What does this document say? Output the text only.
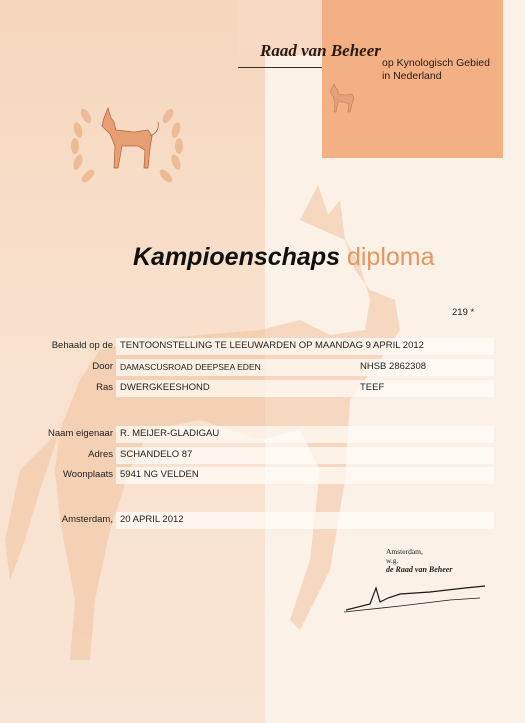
Raad van Beheer
op Kynologisch Gebied
in Nederland
Kampioenschaps diploma
219 *
Behaald op de TENTOONSTELLING TE LEEUWARDEN OP MAANDAG 9 APRIL 2012
Door DAMASCUSROAD DEEPSEA EDEN	NHSB 2862308
Ras DWERGKEESHOND	TEEF
Naam eigenaar R. MEIJER-GLADIGAU
Adres SCHANDELO 87
Woonplaats 5941 NG VELDEN
Amsterdam, 20 APRIL 2012
Amsterdam,
w.g.
de Raad van Beheer
